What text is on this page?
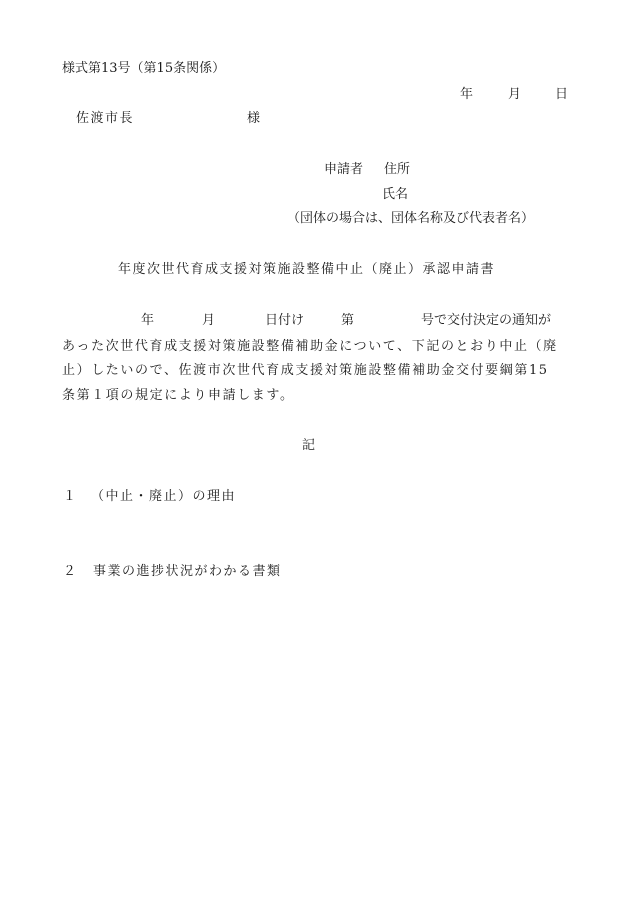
様式第13号（第15条関係）
年	月	日
佐渡市長	様
申請者 住所
氏名
（団体の場合は、団体名称及び代表者名）
年度次世代育成支援対策施設整備中止（廃止）承認申請書
年	月	日付け	第	号で交付決定の通知が
あった次世代育成支援対策施設整備補助金について、下記のとおり中止（廃
止）したいので、佐渡市次世代育成支援対策施設整備補助金交付要綱第15
条第１項の規定により申請します。
記
１ （中止・廃止）の理由
２ 事業の進捗状況がわかる書類
